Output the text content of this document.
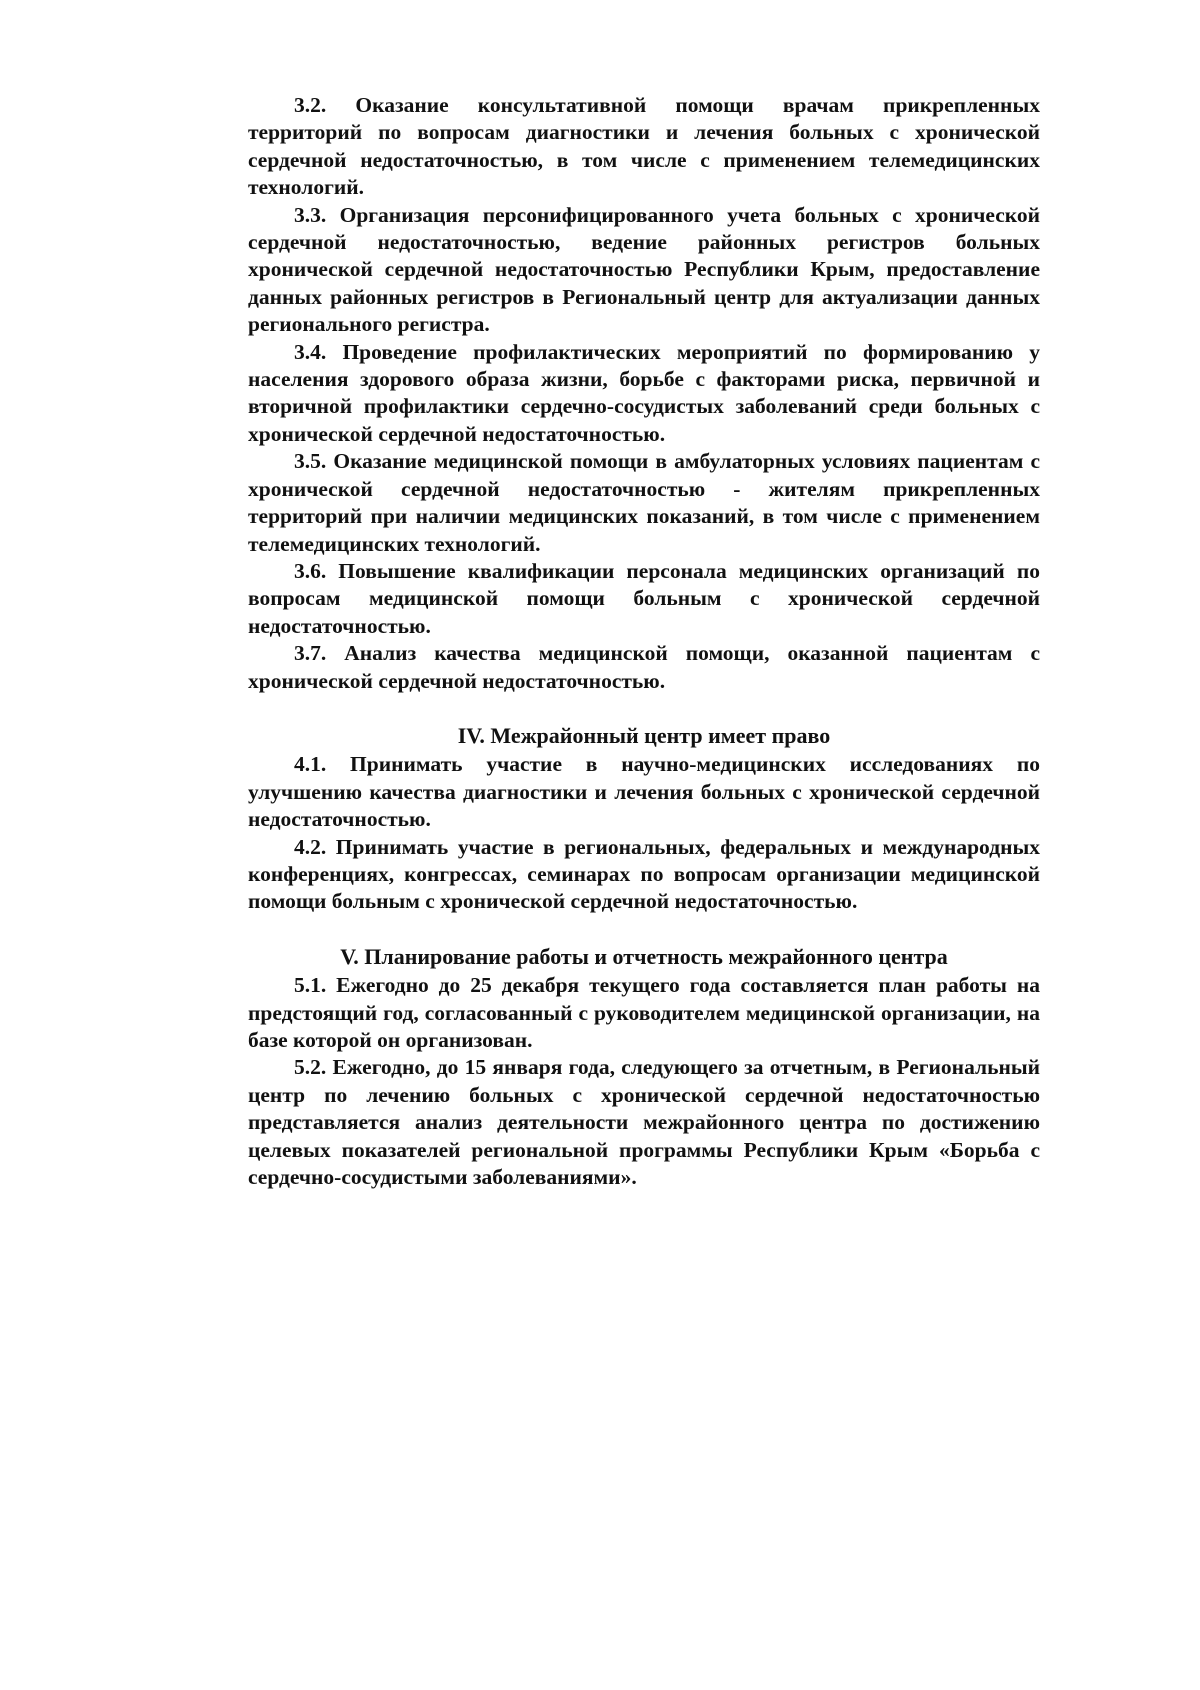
3.2. Оказание консультативной помощи врачам прикрепленных территорий по вопросам диагностики и лечения больных с хронической сердечной недостаточностью, в том числе с применением телемедицинских технологий.

3.3. Организация персонифицированного учета больных с хронической сердечной недостаточностью, ведение районных регистров больных хронической сердечной недостаточностью Республики Крым, предоставление данных районных регистров в Региональный центр для актуализации данных регионального регистра.

3.4. Проведение профилактических мероприятий по формированию у населения здорового образа жизни, борьбе с факторами риска, первичной и вторичной профилактики сердечно-сосудистых заболеваний среди больных с хронической сердечной недостаточностью.

3.5. Оказание медицинской помощи в амбулаторных условиях пациентам с хронической сердечной недостаточностью - жителям прикрепленных территорий при наличии медицинских показаний, в том числе с применением телемедицинских технологий.

3.6. Повышение квалификации персонала медицинских организаций по вопросам медицинской помощи больным с хронической сердечной недостаточностью.

3.7. Анализ качества медицинской помощи, оказанной пациентам с хронической сердечной недостаточностью.

IV. Межрайонный центр имеет право

4.1. Принимать участие в научно-медицинских исследованиях по улучшению качества диагностики и лечения больных с хронической сердечной недостаточностью.

4.2. Принимать участие в региональных, федеральных и международных конференциях, конгрессах, семинарах по вопросам организации медицинской помощи больным с хронической сердечной недостаточностью.

V. Планирование работы и отчетность межрайонного центра

5.1. Ежегодно до 25 декабря текущего года составляется план работы на предстоящий год, согласованный с руководителем медицинской организации, на базе которой он организован.

5.2. Ежегодно, до 15 января года, следующего за отчетным, в Региональный центр по лечению больных с хронической сердечной недостаточностью представляется анализ деятельности межрайонного центра по достижению целевых показателей региональной программы Республики Крым «Борьба с сердечно-сосудистыми заболеваниями».
